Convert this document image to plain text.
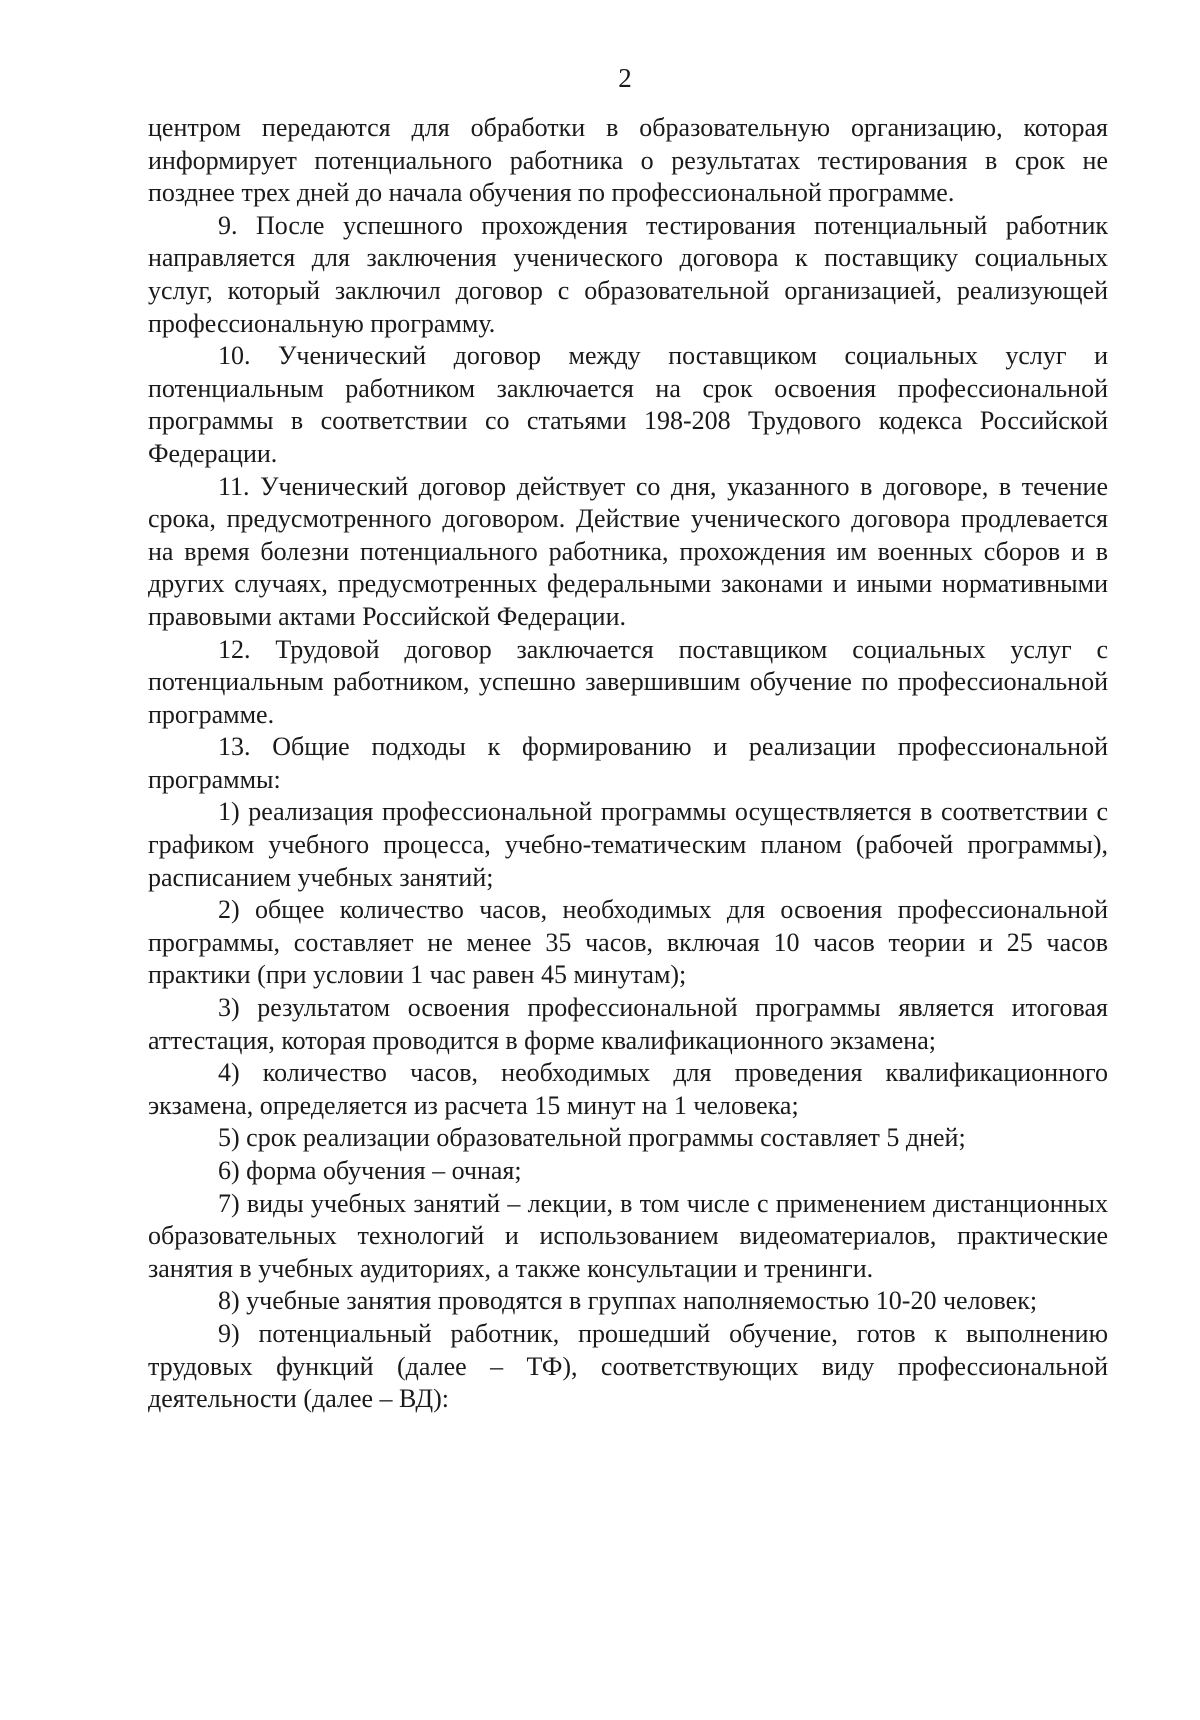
2

центром передаются для обработки в образовательную организацию, которая информирует потенциального работника о результатах тестирования в срок не позднее трех дней до начала обучения по профессиональной программе.

9. После успешного прохождения тестирования потенциальный работник направляется для заключения ученического договора к поставщику социальных услуг, который заключил договор с образовательной организацией, реализующей профессиональную программу.

10. Ученический договор между поставщиком социальных услуг и потенциальным работником заключается на срок освоения профессиональной программы в соответствии со статьями 198-208 Трудового кодекса Российской Федерации.

11. Ученический договор действует со дня, указанного в договоре, в течение срока, предусмотренного договором. Действие ученического договора продлевается на время болезни потенциального работника, прохождения им военных сборов и в других случаях, предусмотренных федеральными законами и иными нормативными правовыми актами Российской Федерации.

12. Трудовой договор заключается поставщиком социальных услуг с потенциальным работником, успешно завершившим обучение по профессиональной программе.

13. Общие подходы к формированию и реализации профессиональной программы:

1) реализация профессиональной программы осуществляется в соответствии с графиком учебного процесса, учебно-тематическим планом (рабочей программы), расписанием учебных занятий;

2) общее количество часов, необходимых для освоения профессиональной программы, составляет не менее 35 часов, включая 10 часов теории и 25 часов практики (при условии 1 час равен 45 минутам);

3) результатом освоения профессиональной программы является итоговая аттестация, которая проводится в форме квалификационного экзамена;

4) количество часов, необходимых для проведения квалификационного экзамена, определяется из расчета 15 минут на 1 человека;

5) срок реализации образовательной программы составляет 5 дней;

6) форма обучения – очная;

7) виды учебных занятий – лекции, в том числе с применением дистанционных образовательных технологий и использованием видеоматериалов, практические занятия в учебных аудиториях, а также консультации и тренинги.

8) учебные занятия проводятся в группах наполняемостью 10-20 человек;

9) потенциальный работник, прошедший обучение, готов к выполнению трудовых функций (далее – ТФ), соответствующих виду профессиональной деятельности (далее – ВД):
